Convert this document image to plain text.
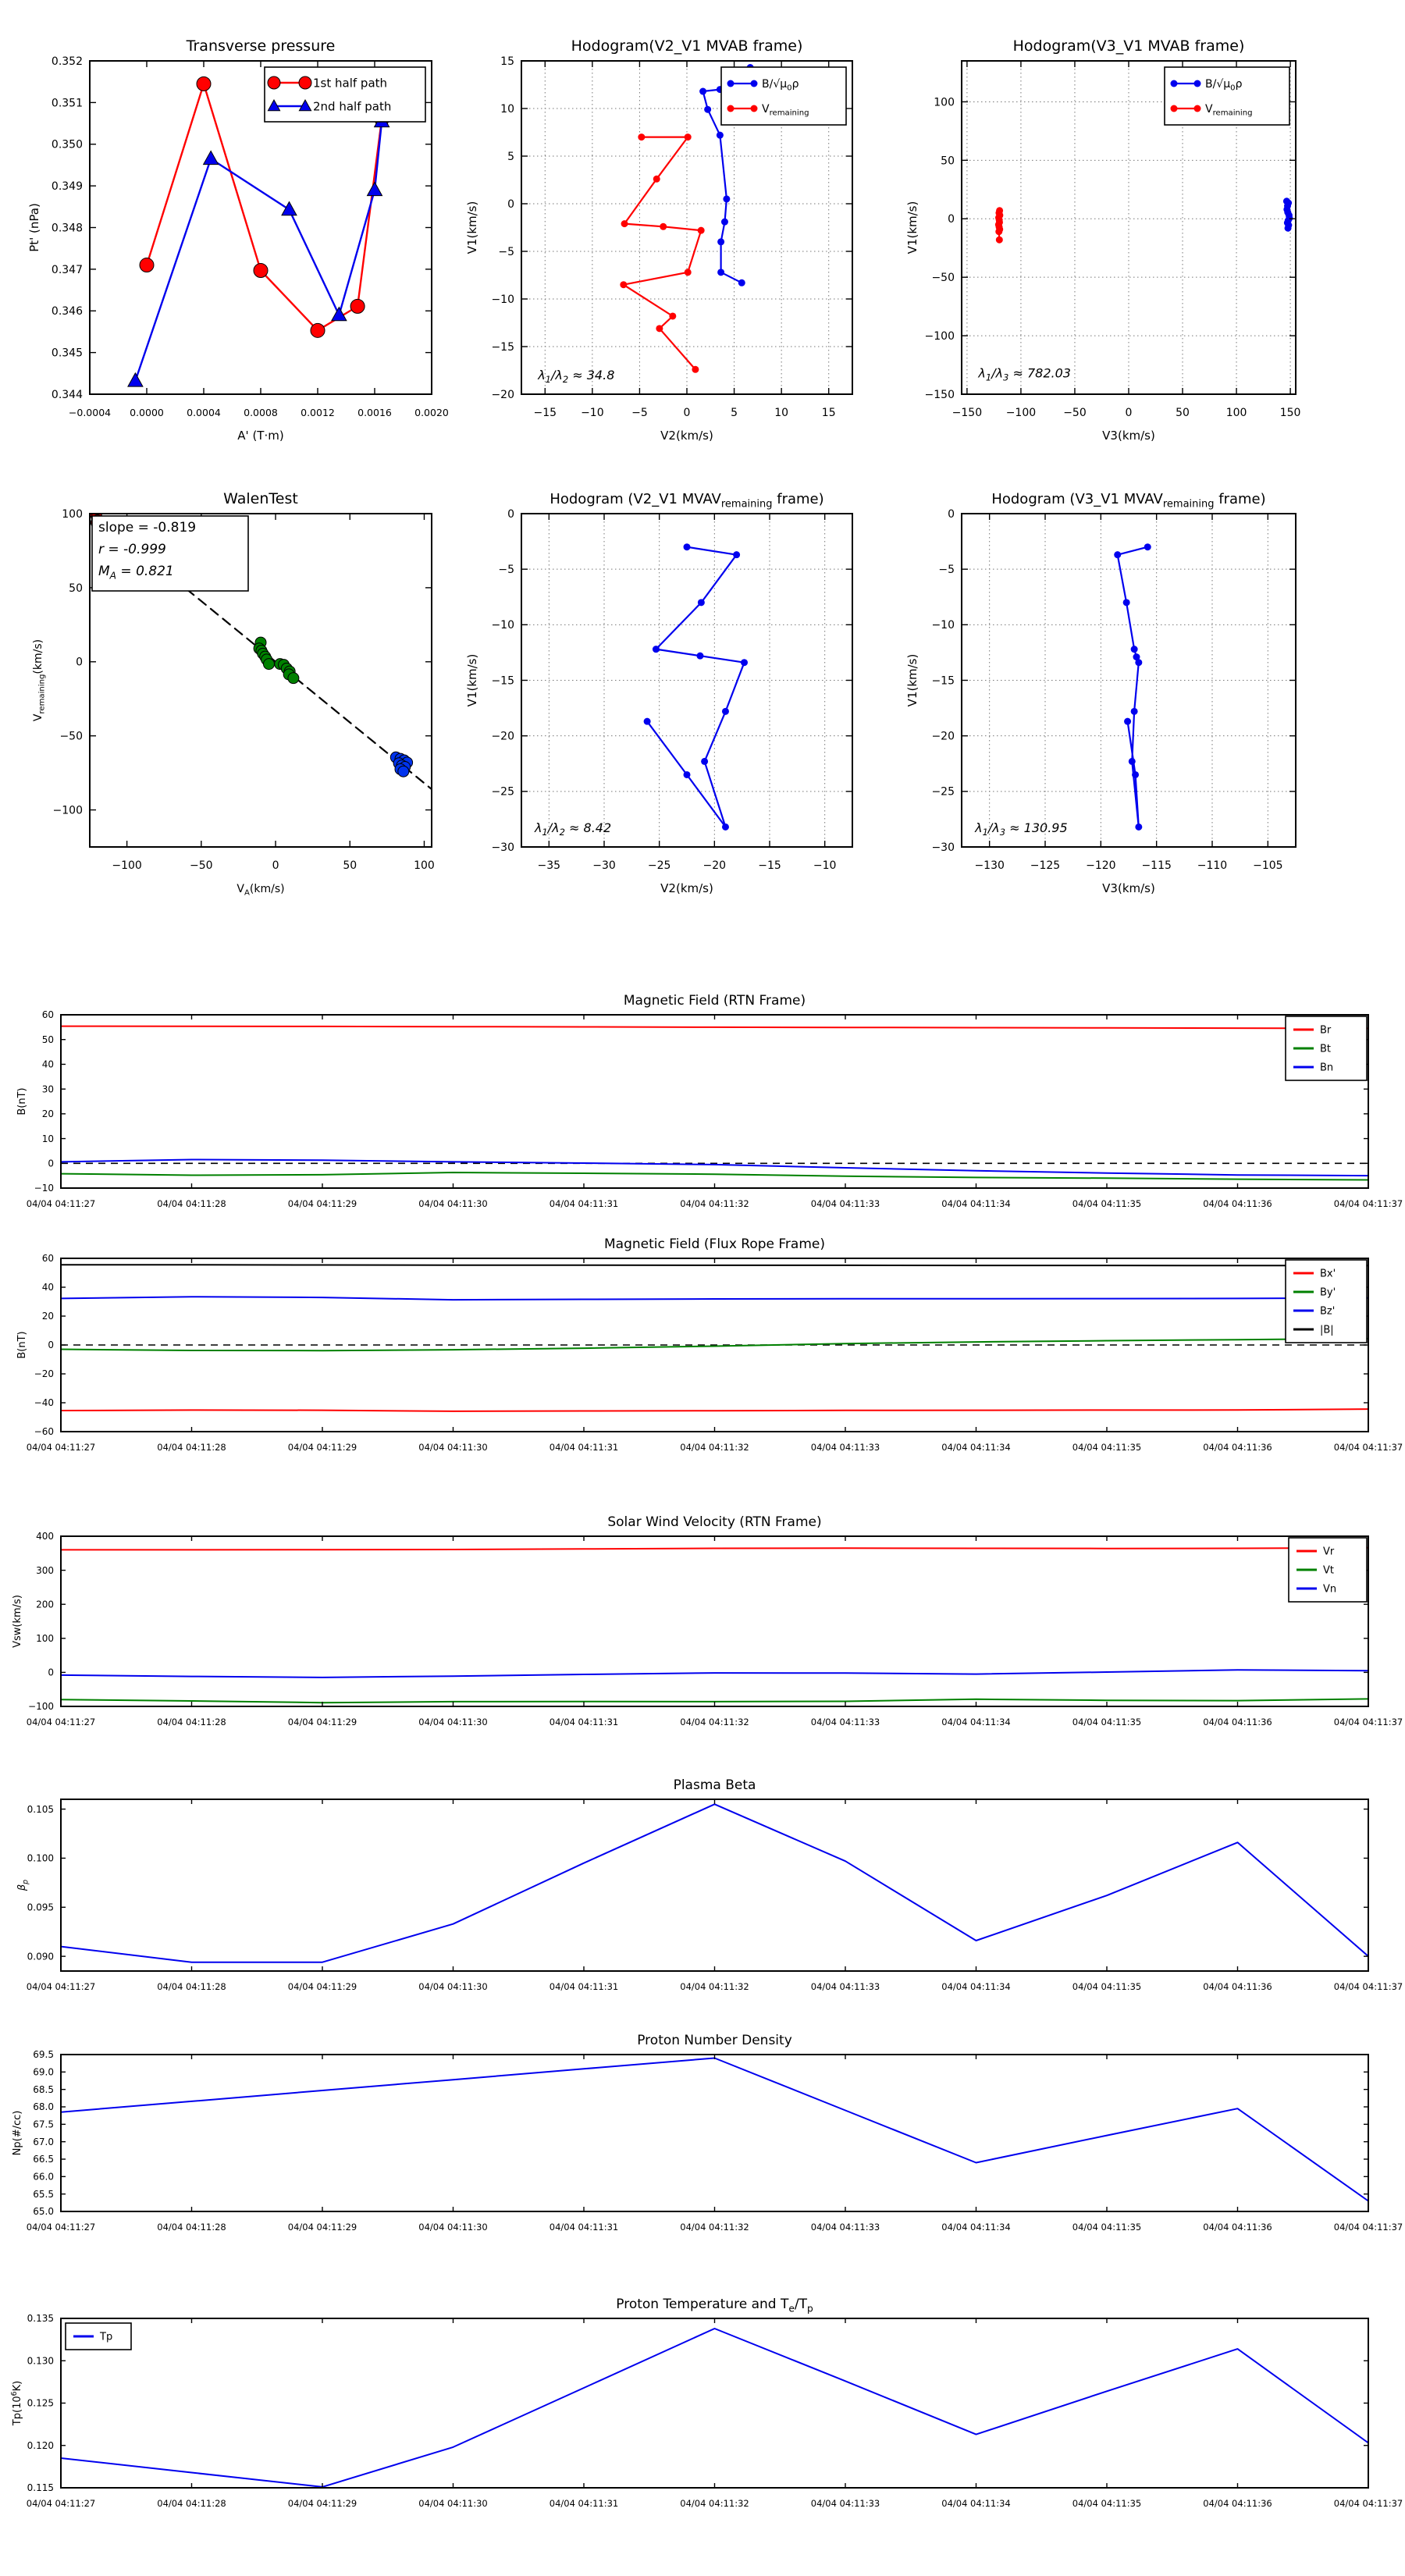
−0.0004 0.0000 0.0004 0.0008 0.0012 0.0016 0.0020
0.344
0.345
0.346
0.347
0.348
0.349
0.350
0.351
0.352
Transverse pressure
A' (T·m)
Pt' (nPa)
1st half path
2nd half path
−15 −10	−5	0	5	10	15
−20
−15
−10
−5
0
5
10
15
Hodogram(V2_V1 MVAB frame)
V2(km/s)
V1(km/s)
$B/√\mu_0\rho$
$V_{remaining}$
$\lambda_1/\lambda_2 \approx 34.8$
−150 −100	−50	0	50	100	150
−150
−100
−50
0
50
100
Hodogram(V3_V1 MVAB frame)
V3(km/s)
V1(km/s)
$B/√\mu_0\rho$
$V_{remaining}$
$\lambda_1/\lambda_3 \approx 782.03$
−100	−50	0	50	100
−100
−50
0
50
100
WalenTest
$V_A(km/s)$
$V_{remaining}(km/s)$
slope = -0.819
r = -0.999
$M_A = 0.821$
−35	−30	−25	−20	−15	−10
−30
−25
−20
−15
−10
−5
0
Hodogram (V2_V1 $MVAV_{remaining}$ frame)
V2(km/s)
V1(km/s)
$\lambda_1/\lambda_2 \approx 8.42$
−130 −125 −120 −115 −110 −105
−30
−25
−20
−15
−10
−5
0
Hodogram (V3_V1 $MVAV_{remaining}$ frame)
V3(km/s)
V1(km/s)
$\lambda_1/\lambda_3 \approx 130.95$
04/04 04:11:27	04/04 04:11:28	04/04 04:11:29	04/04 04:11:30	04/04 04:11:31	04/04 04:11:32	04/04 04:11:33	04/04 04:11:34	04/04 04:11:35	04/04 04:11:36	04/04 04:11:37
−10
0
10
20
30
40
50
60
Magnetic Field (RTN Frame)
B(nT)
Br
Bt
Bn
04/04 04:11:27	04/04 04:11:28	04/04 04:11:29	04/04 04:11:30	04/04 04:11:31	04/04 04:11:32	04/04 04:11:33	04/04 04:11:34	04/04 04:11:35	04/04 04:11:36	04/04 04:11:37
−60
−40
−20
0
20
40
60
Magnetic Field (Flux Rope Frame)
B(nT)
Bx'
By'
Bz'
|B|
04/04 04:11:27	04/04 04:11:28	04/04 04:11:29	04/04 04:11:30	04/04 04:11:31	04/04 04:11:32	04/04 04:11:33	04/04 04:11:34	04/04 04:11:35	04/04 04:11:36	04/04 04:11:37
−100
0
100
200
300
400
Solar Wind Velocity (RTN Frame)
Vsw(km/s)
Vr
Vt
Vn
04/04 04:11:27	04/04 04:11:28	04/04 04:11:29	04/04 04:11:30	04/04 04:11:31	04/04 04:11:32	04/04 04:11:33	04/04 04:11:34	04/04 04:11:35	04/04 04:11:36	04/04 04:11:37
0.090
0.095
0.100
0.105
Plasma Beta
$\beta_p$
04/04 04:11:27	04/04 04:11:28	04/04 04:11:29	04/04 04:11:30	04/04 04:11:31	04/04 04:11:32	04/04 04:11:33	04/04 04:11:34	04/04 04:11:35	04/04 04:11:36	04/04 04:11:37
65.0
65.5
66.0
66.5
67.0
67.5
68.0
68.5
69.0
69.5
Proton Number Density
Np(#/cc)
04/04 04:11:27	04/04 04:11:28	04/04 04:11:29	04/04 04:11:30	04/04 04:11:31	04/04 04:11:32	04/04 04:11:33	04/04 04:11:34	04/04 04:11:35	04/04 04:11:36	04/04 04:11:37
0.115
0.120
0.125
0.130
0.135
Proton Temperature and $T_e/T_p$
$Tp(10^6K)$
Tp
